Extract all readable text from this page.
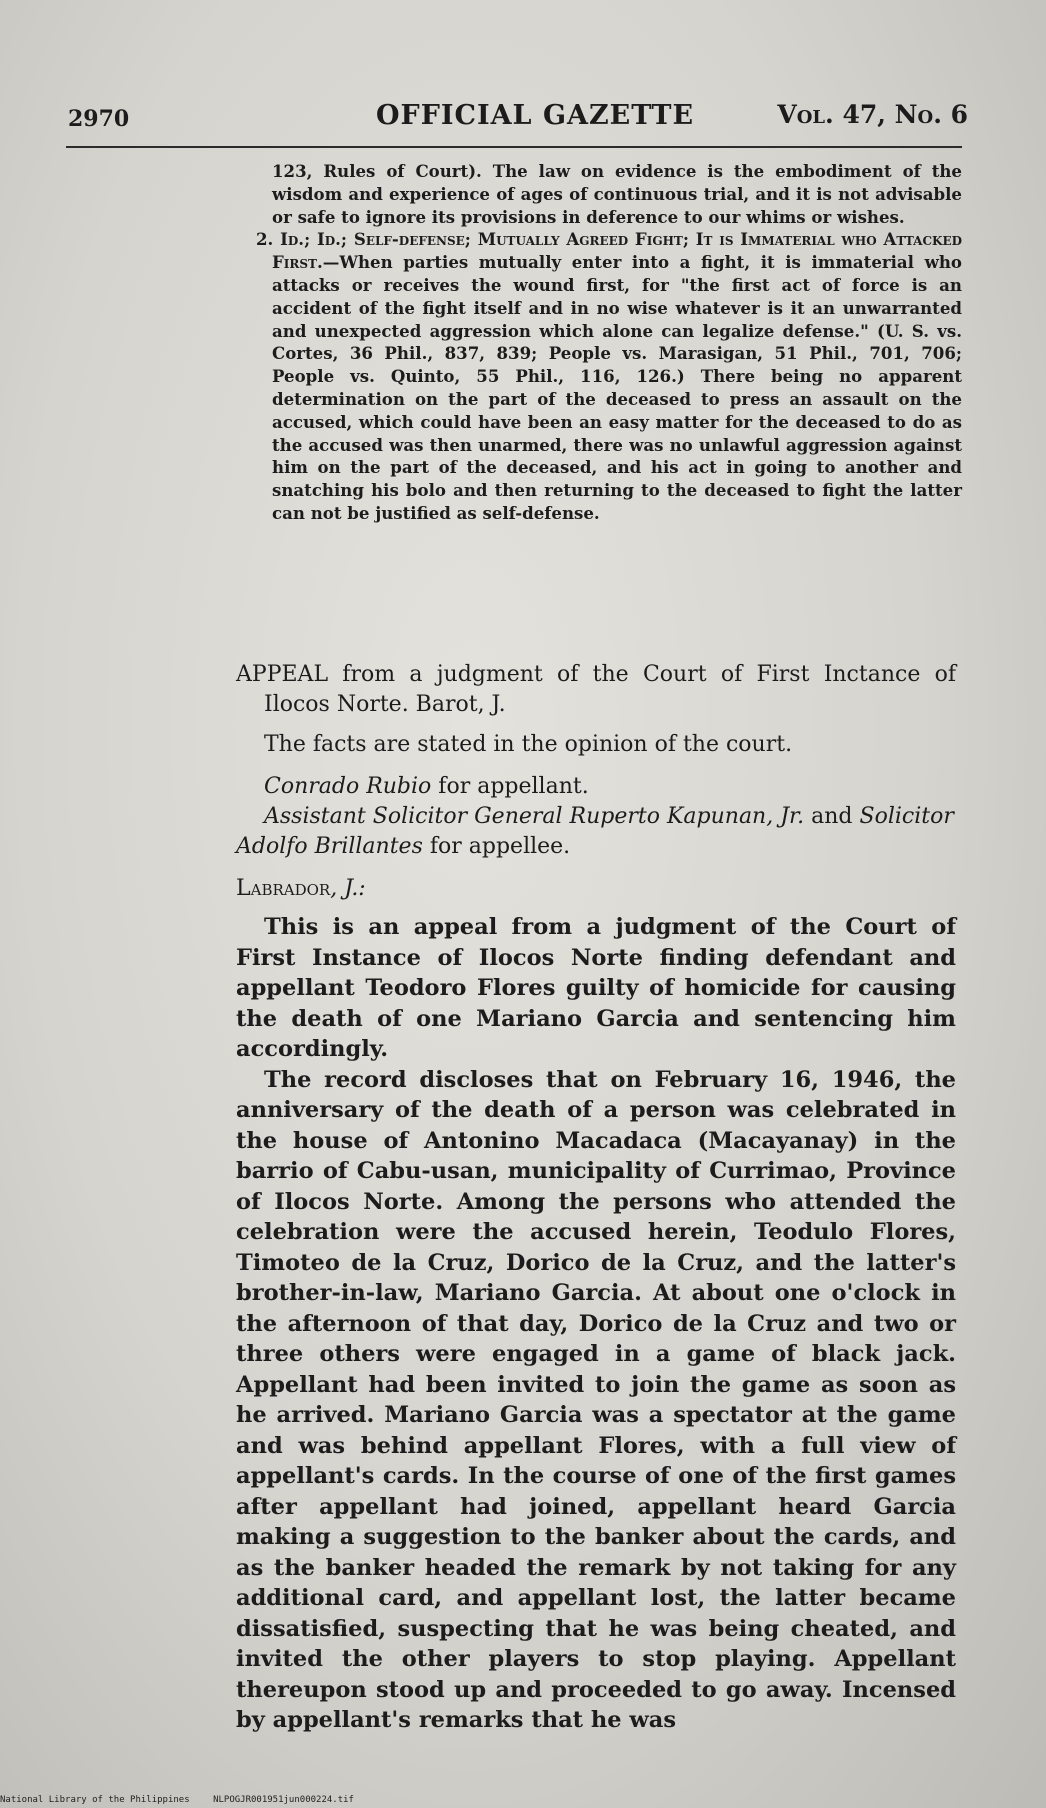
2970	OFFICIAL GAZETTE	Vol. 47, No. 6

123, Rules of Court). The law on evidence is the embodiment of the wisdom and experience of ages of continuous trial, and it is not advisable or safe to ignore its provisions in deference to our whims or wishes.

2. Id.; Id.; Self-defense; Mutually Agreed Fight; It is Immaterial who Attacked First.—When parties mutually enter into a fight, it is immaterial who attacks or receives the wound first, for "the first act of force is an accident of the fight itself and in no wise whatever is it an unwarranted and unexpected aggression which alone can legalize defense." (U. S. vs. Cortes, 36 Phil., 837, 839; People vs. Marasigan, 51 Phil., 701, 706; People vs. Quinto, 55 Phil., 116, 126.) There being no apparent determination on the part of the deceased to press an assault on the accused, which could have been an easy matter for the deceased to do as the accused was then unarmed, there was no unlawful aggression against him on the part of the deceased, and his act in going to another and snatching his bolo and then returning to the deceased to fight the latter can not be justified as self-defense.

APPEAL from a judgment of the Court of First Inctance of Ilocos Norte. Barot, J.

The facts are stated in the opinion of the court.

Conrado Rubio for appellant.

Assistant Solicitor General Ruperto Kapunan, Jr. and Solicitor Adolfo Brillantes for appellee.

Labrador, J.:

This is an appeal from a judgment of the Court of First Instance of Ilocos Norte finding defendant and appellant Teodoro Flores guilty of homicide for causing the death of one Mariano Garcia and sentencing him accordingly.

The record discloses that on February 16, 1946, the anniversary of the death of a person was celebrated in the house of Antonino Macadaca (Macayanay) in the barrio of Cabu-usan, municipality of Currimao, Province of Ilocos Norte. Among the persons who attended the celebration were the accused herein, Teodulo Flores, Timoteo de la Cruz, Dorico de la Cruz, and the latter's brother-in-law, Mariano Garcia. At about one o'clock in the afternoon of that day, Dorico de la Cruz and two or three others were engaged in a game of black jack. Appellant had been invited to join the game as soon as he arrived. Mariano Garcia was a spectator at the game and was behind appellant Flores, with a full view of appellant's cards. In the course of one of the first games after appellant had joined, appellant heard Garcia making a suggestion to the banker about the cards, and as the banker headed the remark by not taking for any additional card, and appellant lost, the latter became dissatisfied, suspecting that he was being cheated, and invited the other players to stop playing. Appellant thereupon stood up and proceeded to go away. Incensed by appellant's remarks that he was

National Library of the Philippines	NLPOGJR001951jun000224.tif
